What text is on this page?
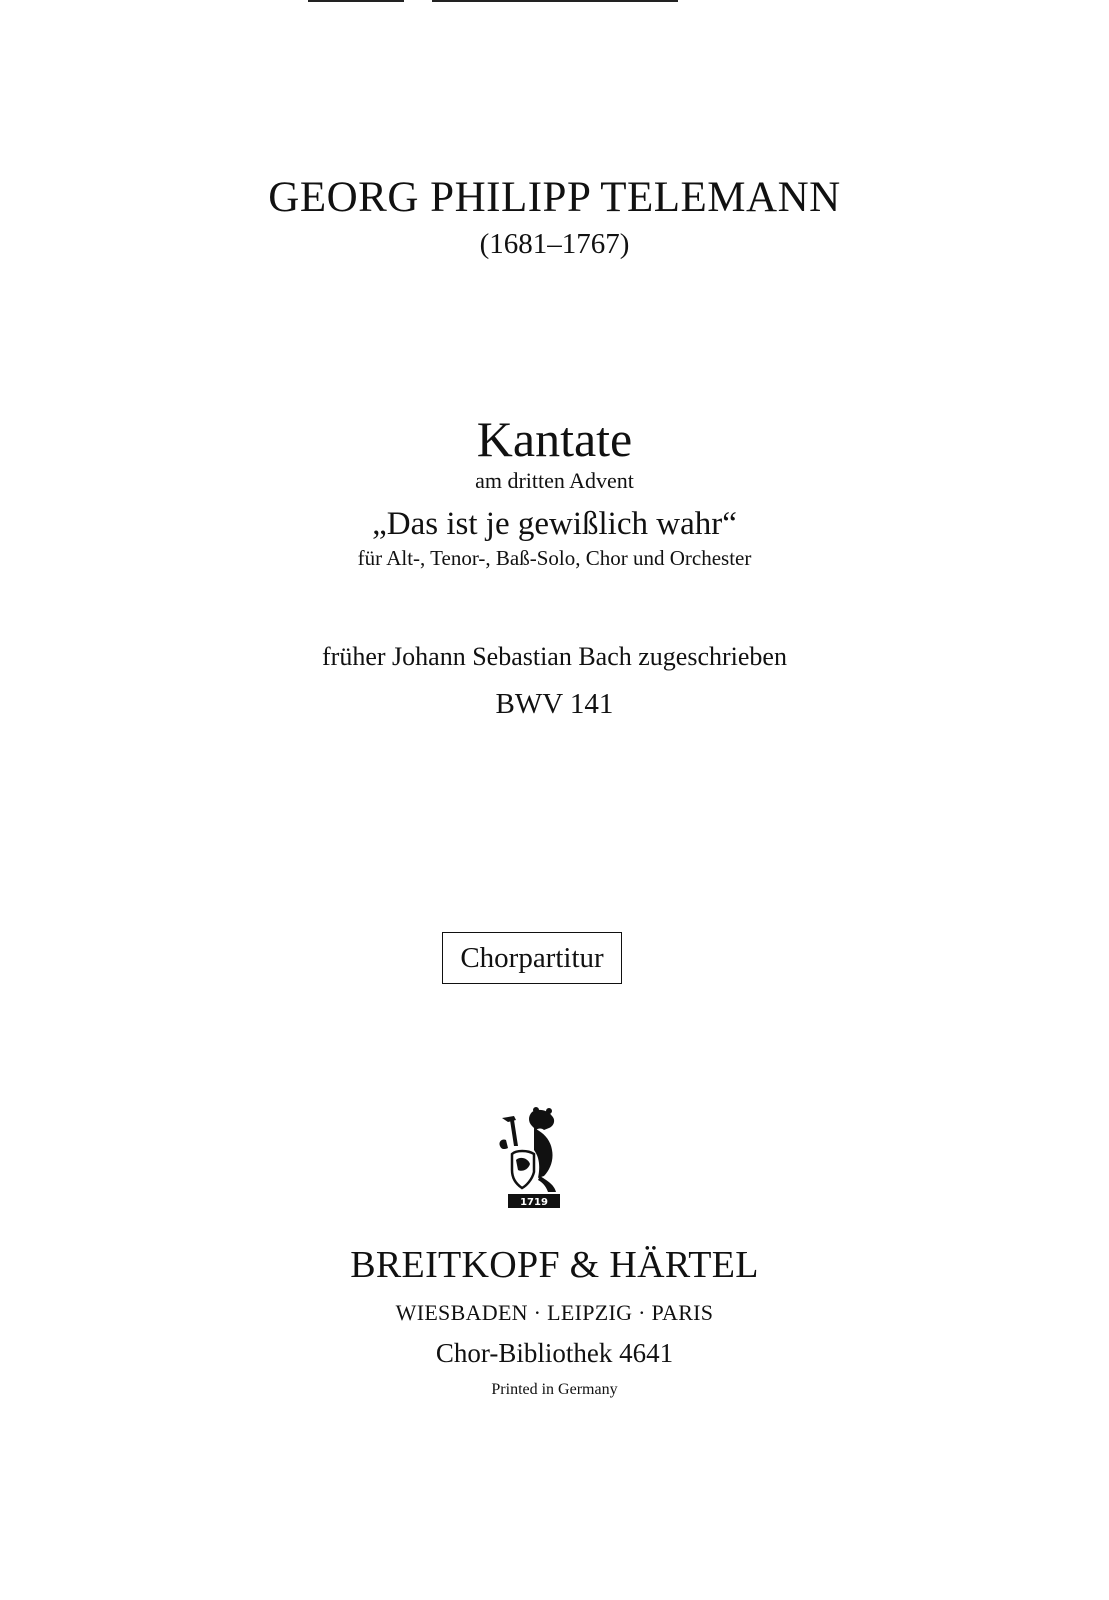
GEORG PHILIPP TELEMANN
(1681–1767)
Kantate
am dritten Advent
„Das ist je gewißlich wahr“
für Alt-, Tenor-, Baß-Solo, Chor und Orchester
früher Johann Sebastian Bach zugeschrieben
BWV 141
Chorpartitur
1719
BREITKOPF & HÄRTEL
WIESBADEN · LEIPZIG · PARIS
Chor-Bibliothek 4641
Printed in Germany
